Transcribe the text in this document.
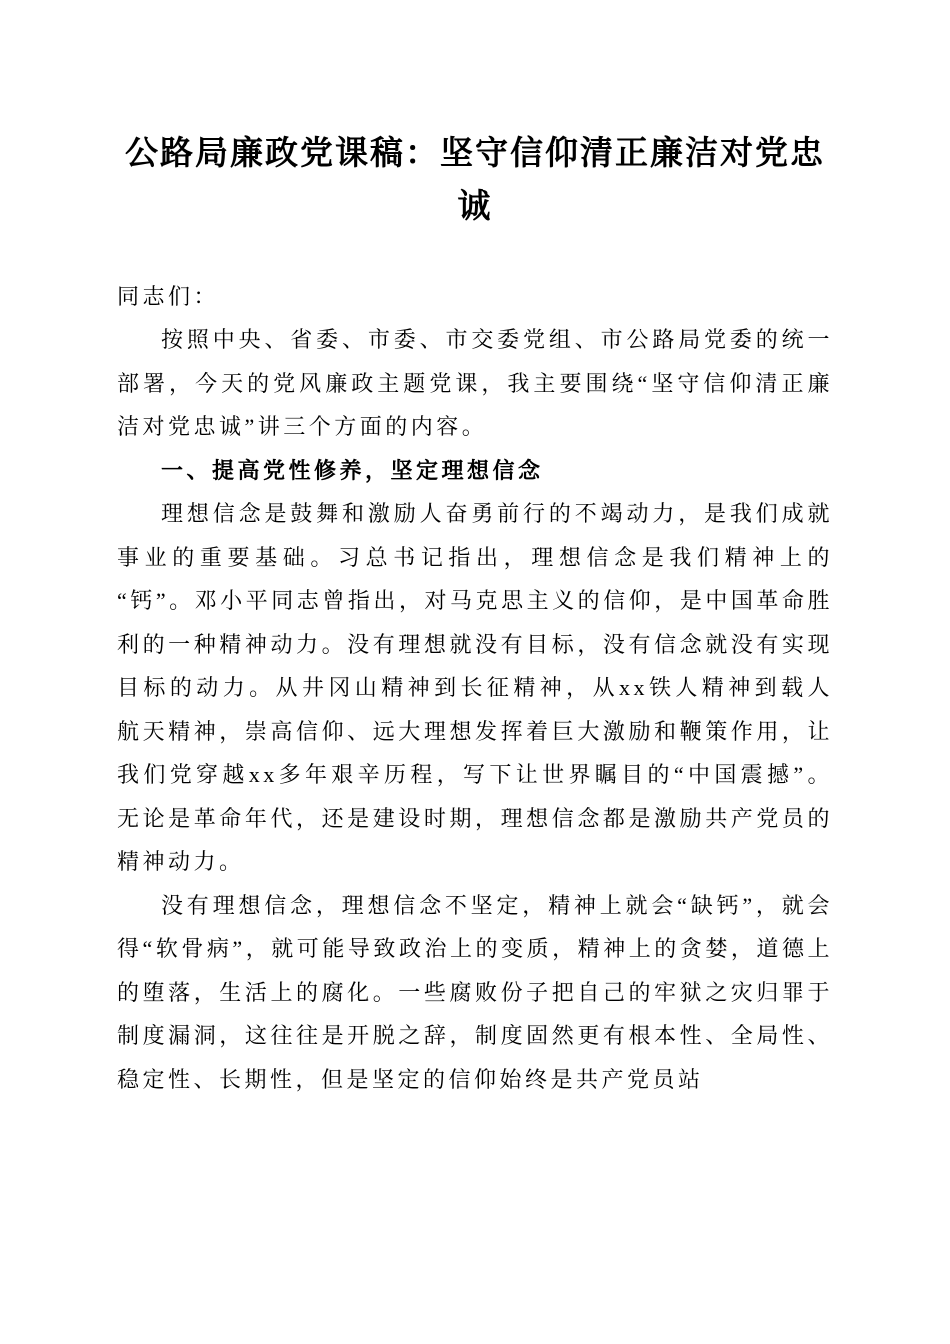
公路局廉政党课稿：坚守信仰清正廉洁对党忠诚

同志们：

按照中央、省委、市委、市交委党组、市公路局党委的统一部署，今天的党风廉政主题党课，我主要围绕“坚守信仰清正廉洁对党忠诚”讲三个方面的内容。

一、提高党性修养，坚定理想信念

理想信念是鼓舞和激励人奋勇前行的不竭动力，是我们成就事业的重要基础。习总书记指出，理想信念是我们精神上的“钙”。邓小平同志曾指出，对马克思主义的信仰，是中国革命胜利的一种精神动力。没有理想就没有目标，没有信念就没有实现目标的动力。从井冈山精神到长征精神，从xx铁人精神到载人航天精神，崇高信仰、远大理想发挥着巨大激励和鞭策作用，让我们党穿越xx多年艰辛历程，写下让世界瞩目的“中国震撼”。无论是革命年代，还是建设时期，理想信念都是激励共产党员的精神动力。

没有理想信念，理想信念不坚定，精神上就会“缺钙”，就会得“软骨病”，就可能导致政治上的变质，精神上的贪婪，道德上的堕落，生活上的腐化。一些腐败份子把自己的牢狱之灾归罪于制度漏洞，这往往是开脱之辞，制度固然更有根本性、全局性、稳定性、长期性，但是坚定的信仰始终是共产党员站
